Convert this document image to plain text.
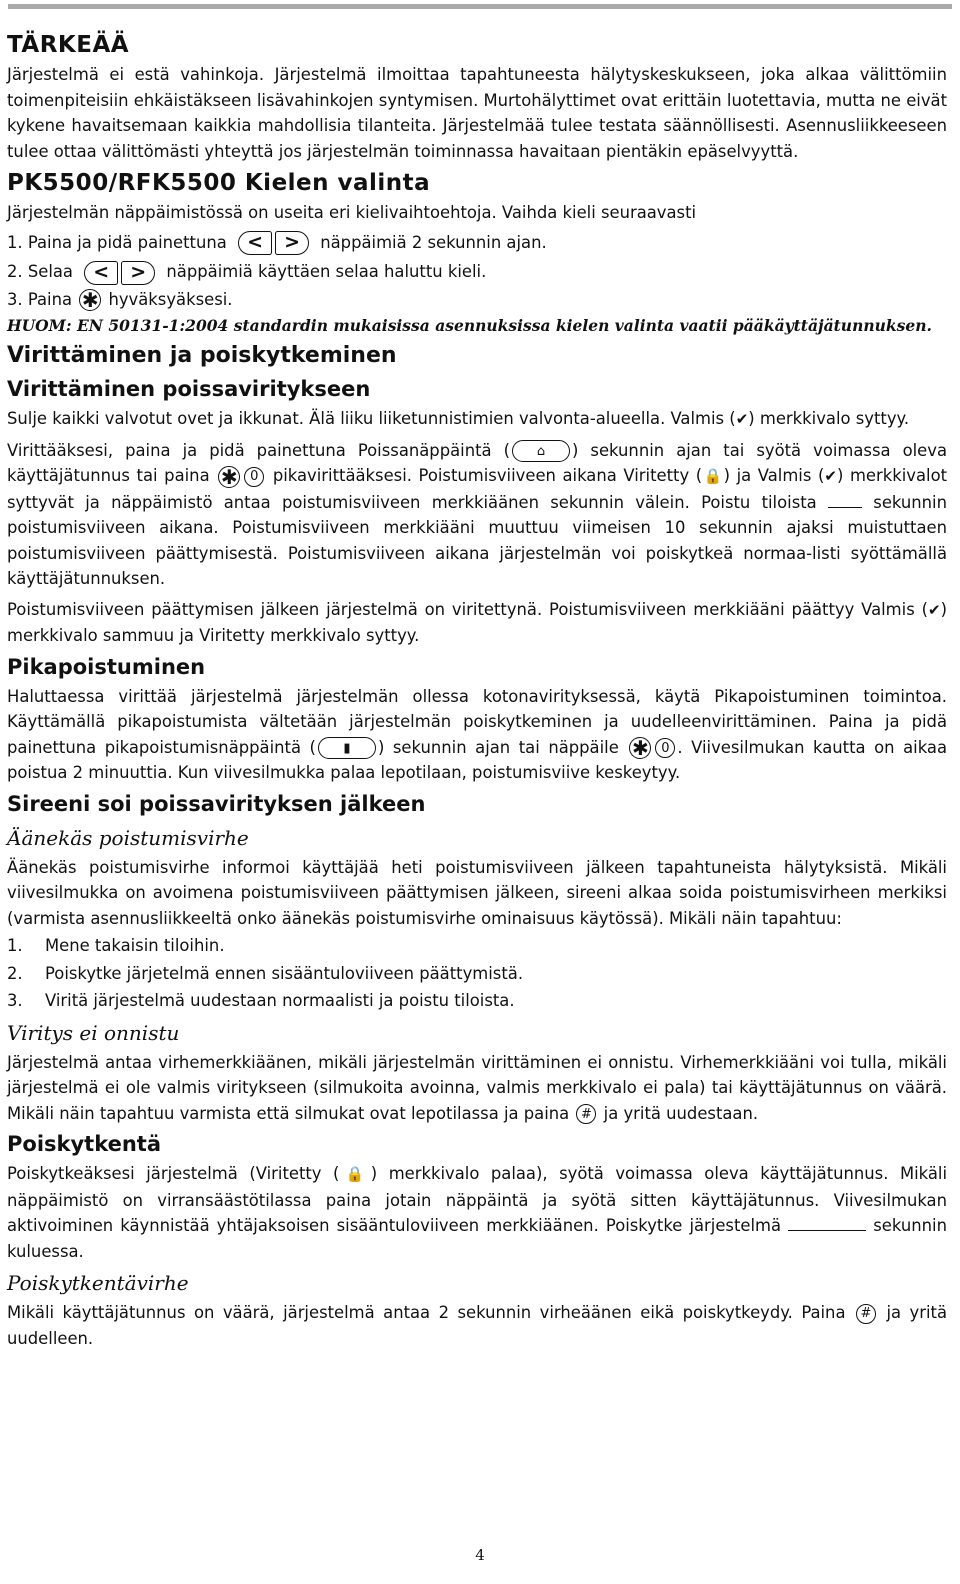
TÄRKEÄÄ

Järjestelmä ei estä vahinkoja. Järjestelmä ilmoittaa tapahtuneesta hälytyskeskukseen, joka alkaa välittömiin toimenpiteisiin ehkäistäkseen lisävahinkojen syntymisen. Murtohälyttimet ovat erittäin luotettavia, mutta ne eivät kykene havaitsemaan kaikkia mahdollisia tilanteita. Järjestelmää tulee testata säännöllisesti. Asennusliikkeeseen tulee ottaa välittömästi yhteyttä jos järjestelmän toiminnassa havaitaan pientäkin epäselvyyttä.

PK5500/RFK5500 Kielen valinta

Järjestelmän näppäimistössä on useita eri kielivaihtoehtoja. Vaihda kieli seuraavasti

1. Paina ja pidä painettuna	<	>	näppäimiä 2 sekunnin ajan.

2. Selaa	<	>	näppäimiä käyttäen selaa haluttu kieli.

3. Paina ✱ hyväksyäksesi.

HUOM: EN 50131-1:2004 standardin mukaisissa asennuksissa kielen valinta vaatii pääkäyttäjätunnuksen.

Virittäminen ja poiskytkeminen
Virittäminen poissaviritykseen

Sulje kaikki valvotut ovet ja ikkunat. Älä liiku liiketunnistimien valvonta-alueella. Valmis (✔) merkkivalo syttyy.

Virittääksesi, paina ja pidä painettuna Poissanäppäintä ( ⌂ ) sekunnin ajan tai syötä voimassa oleva käyttäjätunnus tai paina ✱ 0 pikavirittääksesi. Poistumisviiveen aikana Viritetty (🔒) ja Valmis (✔) merkkivalot syttyvät ja näppäimistö antaa poistumisviiveen merkkiäänen sekunnin välein. Poistu tiloista	sekunnin poistumisviiveen aikana. Poistumisviiveen merkkiääni muuttuu viimeisen 10 sekunnin ajaksi muistuttaen poistumisviiveen päättymisestä. Poistumisviiveen aikana järjestelmän voi poiskytkeä normaa-listi syöttämällä käyttäjätunnuksen.

Poistumisviiveen päättymisen jälkeen järjestelmä on viritettynä. Poistumisviiveen merkkiääni päättyy Valmis (✔) merkkivalo sammuu ja Viritetty merkkivalo syttyy.

Pikapoistuminen

Haluttaessa virittää järjestelmä järjestelmän ollessa kotonavirityksessä, käytä Pikapoistuminen toimintoa. Käyttämällä pikapoistumista vältetään järjestelmän poiskytkeminen ja uudelleenvirittäminen. Paina ja pidä painettuna pikapoistumisnäppäintä ( ▮ ) sekunnin ajan tai näppäile ✱ 0 . Viivesilmukan kautta on aikaa poistua 2 minuuttia. Kun viivesilmukka palaa lepotilaan, poistumisviive keskeytyy.

Sireeni soi poissavirityksen jälkeen
Äänekäs poistumisvirhe

Äänekäs poistumisvirhe informoi käyttäjää heti poistumisviiveen jälkeen tapahtuneista hälytyksistä. Mikäli viivesilmukka on avoimena poistumisviiveen päättymisen jälkeen, sireeni alkaa soida poistumisvirheen merkiksi (varmista asennusliikkeeltä onko äänekäs poistumisvirhe ominaisuus käytössä). Mikäli näin tapahtuu:

1.	Mene takaisin tiloihin.
2.	Poiskytke järjetelmä ennen sisääntuloviiveen päättymistä.
3.	Viritä järjestelmä uudestaan normaalisti ja poistu tiloista.
Viritys ei onnistu

Järjestelmä antaa virhemerkkiäänen, mikäli järjestelmän virittäminen ei onnistu. Virhemerkkiääni voi tulla, mikäli järjestelmä ei ole valmis viritykseen (silmukoita avoinna, valmis merkkivalo ei pala) tai käyttäjätunnus on väärä. Mikäli näin tapahtuu varmista että silmukat ovat lepotilassa ja paina # ja yritä uudestaan.

Poiskytkentä

Poiskytkeäksesi järjestelmä (Viritetty (🔒) merkkivalo palaa), syötä voimassa oleva käyttäjätunnus. Mikäli näppäimistö on virransäästötilassa paina jotain näppäintä ja syötä sitten käyttäjätunnus. Viivesilmukan aktivoiminen käynnistää yhtäjaksoisen sisääntuloviiveen merkkiäänen. Poiskytke järjestelmä	sekunnin kuluessa.

Poiskytkentävirhe

Mikäli käyttäjätunnus on väärä, järjestelmä antaa 2 sekunnin virheäänen eikä poiskytkeydy. Paina # ja yritä uudelleen.

4
